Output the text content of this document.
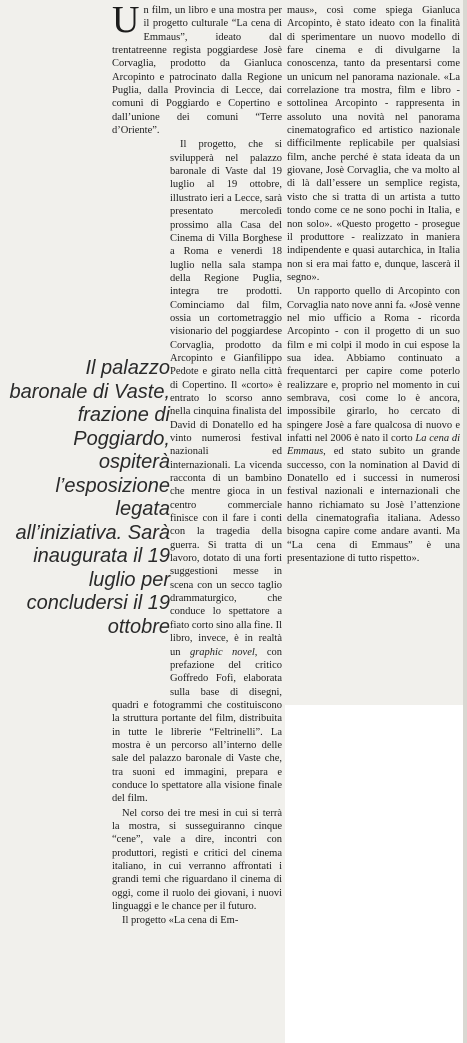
Un film, un libro e una mostra per il progetto culturale “La cena di Emmaus”, ideato dal trentatreenne regista poggiardese Josè Corvaglia, prodotto da Gianluca Arcopinto e patrocinato dalla Regione Puglia, dalla Provincia di Lecce, dai comuni di Poggiardo e Copertino e dall’unione dei comuni “Terre d’Oriente”.

Il progetto, che si svilupperà nel palazzo baronale di Vaste dal 19 luglio al 19 ottobre, illustrato ieri a Lecce, sarà presentato mercoledì prossimo alla Casa del Cinema di Villa Borghese a Roma e venerdì 18 luglio nella sala stampa della Regione Puglia, integra tre prodotti. Cominciamo dal film, ossia un cortometraggio visionario del poggiardese Corvaglia, prodotto da Arcopinto e Gianfilippo Pedote e girato nella città di Copertino. Il «corto» è entrato lo scorso anno nella cinquina finalista del David di Donatello ed ha vinto numerosi festival nazionali ed internazionali. La vicenda racconta di un bambino che mentre gioca in un centro commerciale finisce con il fare i conti con la tragedia della guerra. Si tratta di un lavoro, dotato di una forti suggestioni messe in scena con un secco taglio drammaturgico, che conduce lo spettatore a fiato corto sino alla fine. Il libro, invece, è in realtà un graphic novel, con prefazione del critico Goffredo Fofi, elaborata sulla base di disegni, quadri e fotogrammi che costituiscono la struttura portante del film, distribuita in tutte le librerie “Feltrinelli”. La mostra è un percorso all’interno delle sale del palazzo baronale di Vaste che, tra suoni ed immagini, prepara e conduce lo spettatore alla visione finale del film.

Nel corso dei tre mesi in cui si terrà la mostra, si susseguiranno cinque “cene”, vale a dire, incontri con produttori, registi e critici del cinema italiano, in cui verranno affrontati i grandi temi che riguardano il cinema di oggi, come il ruolo dei giovani, i nuovi linguaggi e le chance per il futuro.

Il progetto «La cena di Em-

maus», così come spiega Gianluca Arcopinto, è stato ideato con la finalità di sperimentare un nuovo modello di fare cinema e di divulgarne la conoscenza, tanto da presentarsi come un unicum nel panorama nazionale. «La correlazione tra mostra, film e libro - sottolinea Arcopinto - rappresenta in assoluto una novità nel panorama cinematografico ed artistico nazionale difficilmente replicabile per qualsiasi film, anche perché è stata ideata da un giovane, Josè Corvaglia, che va molto al di là dall’essere un semplice regista, visto che si tratta di un artista a tutto tondo come ce ne sono pochi in Italia, e non solo». «Questo progetto - prosegue il produttore - realizzato in maniera indipendente e quasi autarchica, in Italia non si era mai fatto e, dunque, lascerà il segno».

Un rapporto quello di Arcopinto con Corvaglia nato nove anni fa. «Josè venne nel mio ufficio a Roma - ricorda Arcopinto - con il progetto di un suo film e mi colpì il modo in cui espose la sua idea. Abbiamo continuato a frequentarci per capire come poterlo realizzare e, proprio nel momento in cui sembrava, così come lo è ancora, impossibile girarlo, ho cercato di spingere Josè a fare qualcosa di nuovo e infatti nel 2006 è nato il corto La cena di Emmaus, ed stato subito un grande successo, con la nomination al David di Donatello ed i successi in numerosi festival nazionali e internazionali che hanno richiamato su Josè l’attenzione della cinematografia italiana. Adesso bisogna capire come andare avanti. Ma “La cena di Emmaus” è una presentazione di tutto rispetto».

Il palazzo baronale di Vaste, frazione di Poggiardo, ospiterà l’esposizione legata all’iniziativa. Sarà inaugurata il 19 luglio per concludersi il 19 ottobre
